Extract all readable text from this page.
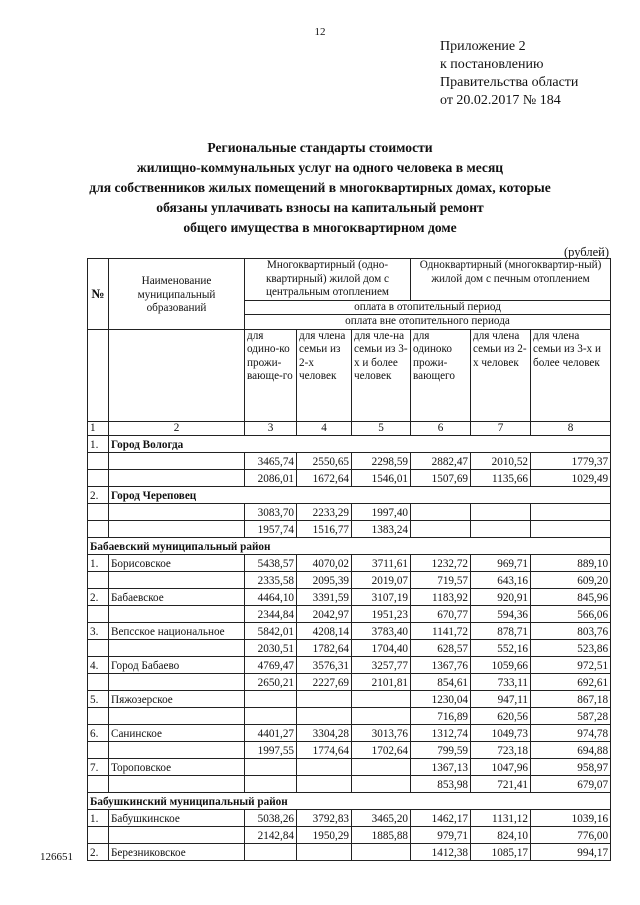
12
Приложение 2
к постановлению
Правительства области
от 20.02.2017 № 184
Региональные стандарты стоимости
жилищно-коммунальных услуг на одного человека в месяц
для собственников жилых помещений в многоквартирных домах, которые
обязаны уплачивать взносы на капитальный ремонт
общего имущества в многоквартирном доме
(рублей)
№	Наименование муниципальный образований	Многоквартирный (одно-квартирный) жилой дом с центральным отоплением			Одноквартирный (многоквартир-ный) жилой дом с печным отоплением		
		оплата в отопительный период					
		оплата вне отопительного периода					
		для одино-ко прожи-вающе-го	для члена семьи из 2-х человек	для чле-на семьи из 3-х и более человек	для одиноко прожи-вающего	для члена семьи из 2-х человек	для члена семьи из 3-х и более человек
1	2	3	4	5	6	7	8
1.	Город Вологда						
		3465,74	2550,65	2298,59	2882,47	2010,52	1779,37
		2086,01	1672,64	1546,01	1507,69	1135,66	1029,49
2.	Город Череповец						
		3083,70	2233,29	1997,40			
		1957,74	1516,77	1383,24			
Бабаевский муниципальный район							
1.	Борисовское	5438,57	4070,02	3711,61	1232,72	969,71	889,10
		2335,58	2095,39	2019,07	719,57	643,16	609,20
2.	Бабаевское	4464,10	3391,59	3107,19	1183,92	920,91	845,96
		2344,84	2042,97	1951,23	670,77	594,36	566,06
3.	Вепсское национальное	5842,01	4208,14	3783,40	1141,72	878,71	803,76
		2030,51	1782,64	1704,40	628,57	552,16	523,86
4.	Город Бабаево	4769,47	3576,31	3257,77	1367,76	1059,66	972,51
		2650,21	2227,69	2101,81	854,61	733,11	692,61
5.	Пяжозерское				1230,04	947,11	867,18
					716,89	620,56	587,28
6.	Санинское	4401,27	3304,28	3013,76	1312,74	1049,73	974,78
		1997,55	1774,64	1702,64	799,59	723,18	694,88
7.	Тороповское				1367,13	1047,96	958,97
					853,98	721,41	679,07
Бабушкинский муниципальный район							
1.	Бабушкинское	5038,26	3792,83	3465,20	1462,17	1131,12	1039,16
		2142,84	1950,29	1885,88	979,71	824,10	776,00
2.	Березниковское				1412,38	1085,17	994,17
126651
